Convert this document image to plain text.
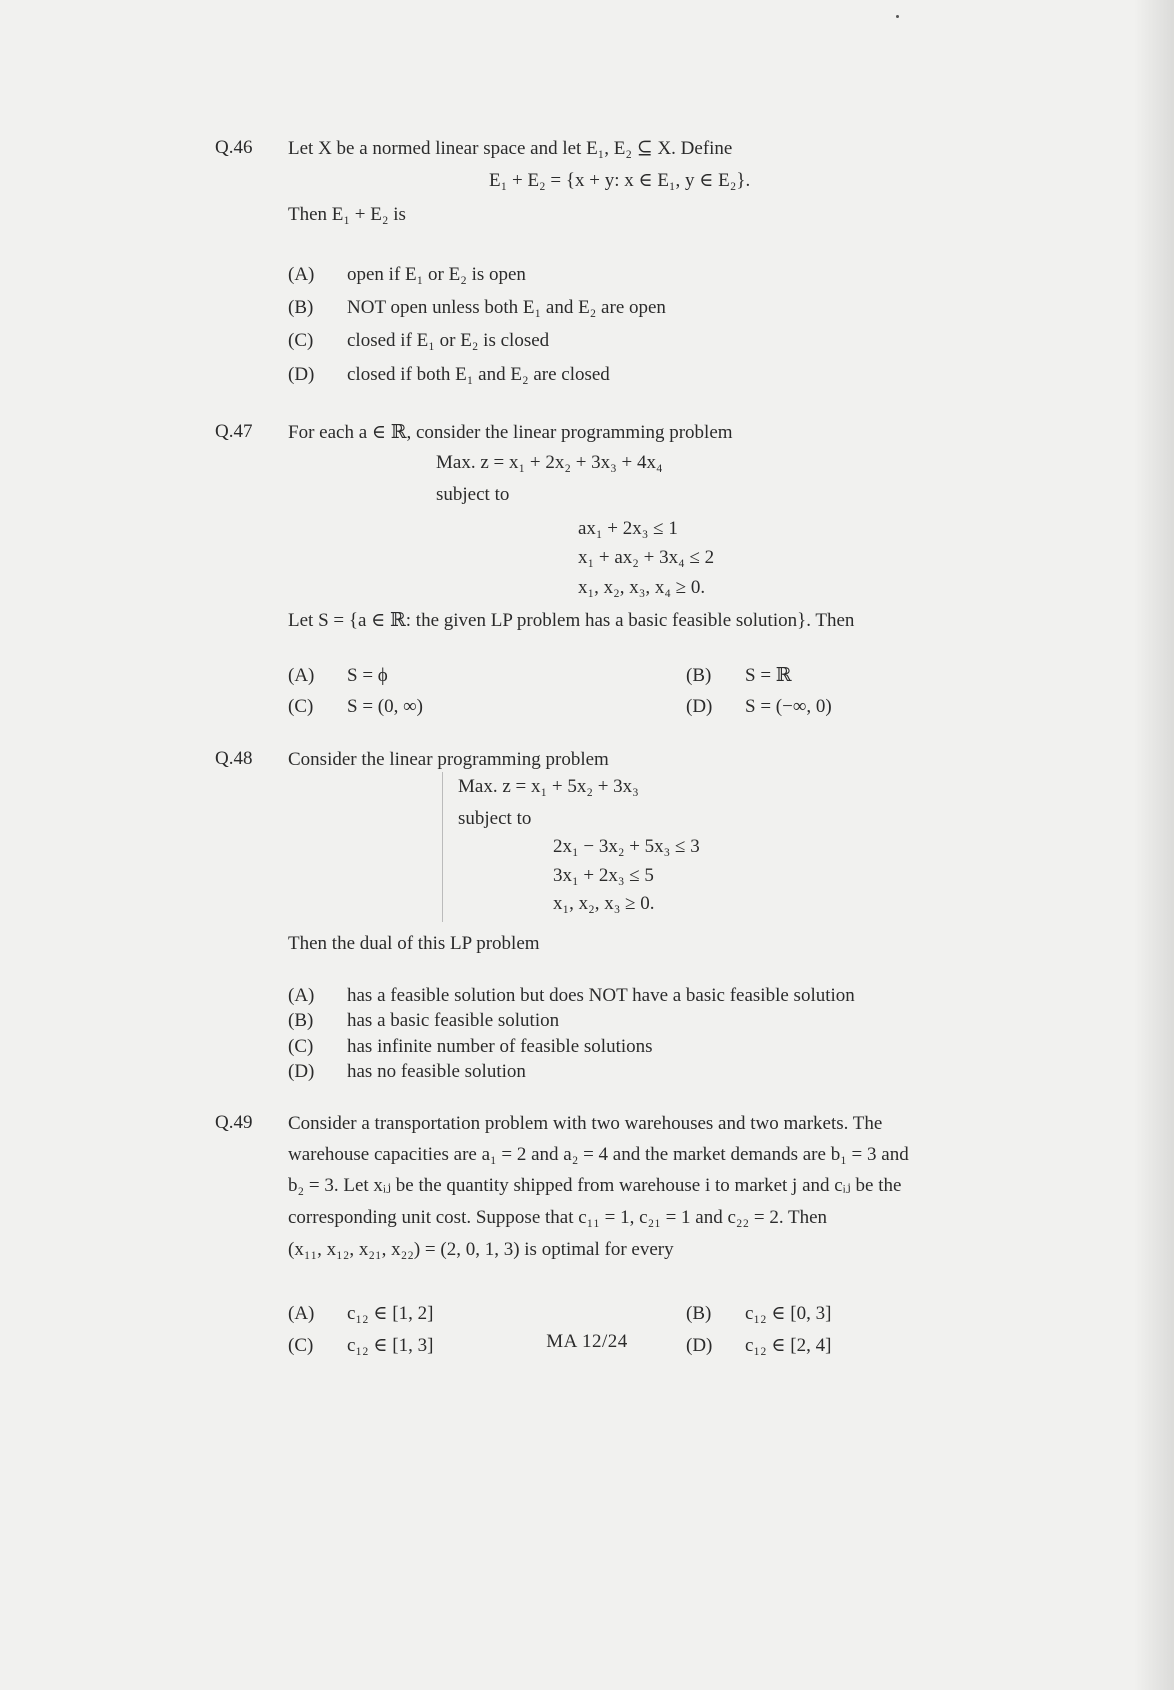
Q.46 Let X be a normed linear space and let E₁, E₂ ⊆ X. Define
E₁ + E₂ = {x + y: x ∈ E₁, y ∈ E₂}.
Then E₁ + E₂ is
(A) open if E₁ or E₂ is open
(B) NOT open unless both E₁ and E₂ are open
(C) closed if E₁ or E₂ is closed
(D) closed if both E₁ and E₂ are closed
Q.47 For each a ∈ ℝ, consider the linear programming problem
Max. z = x₁ + 2x₂ + 3x₃ + 4x₄
subject to
ax₁ + 2x₃ ≤ 1
x₁ + ax₂ + 3x₄ ≤ 2
x₁, x₂, x₃, x₄ ≥ 0.
Let S = {a ∈ ℝ: the given LP problem has a basic feasible solution}. Then
(A) S = ϕ	(B) S = ℝ
(C) S = (0, ∞)	(D) S = (−∞, 0)
Q.48 Consider the linear programming problem
Max. z = x₁ + 5x₂ + 3x₃
subject to
2x₁ − 3x₂ + 5x₃ ≤ 3
3x₁ + 2x₃ ≤ 5
x₁, x₂, x₃ ≥ 0.
Then the dual of this LP problem
(A) has a feasible solution but does NOT have a basic feasible solution
(B) has a basic feasible solution
(C) has infinite number of feasible solutions
(D) has no feasible solution
Q.49 Consider a transportation problem with two warehouses and two markets. The
warehouse capacities are a₁ = 2 and a₂ = 4 and the market demands are b₁ = 3 and
b₂ = 3. Let xᵢⱼ be the quantity shipped from warehouse i to market j and cᵢⱼ be the
corresponding unit cost. Suppose that c₁₁ = 1, c₂₁ = 1 and c₂₂ = 2. Then
(x₁₁, x₁₂, x₂₁, x₂₂) = (2, 0, 1, 3) is optimal for every
(A) c₁₂ ∈ [1, 2]	(B) c₁₂ ∈ [0, 3]
(C) c₁₂ ∈ [1, 3]	(D) c₁₂ ∈ [2, 4]
MA 12/24
